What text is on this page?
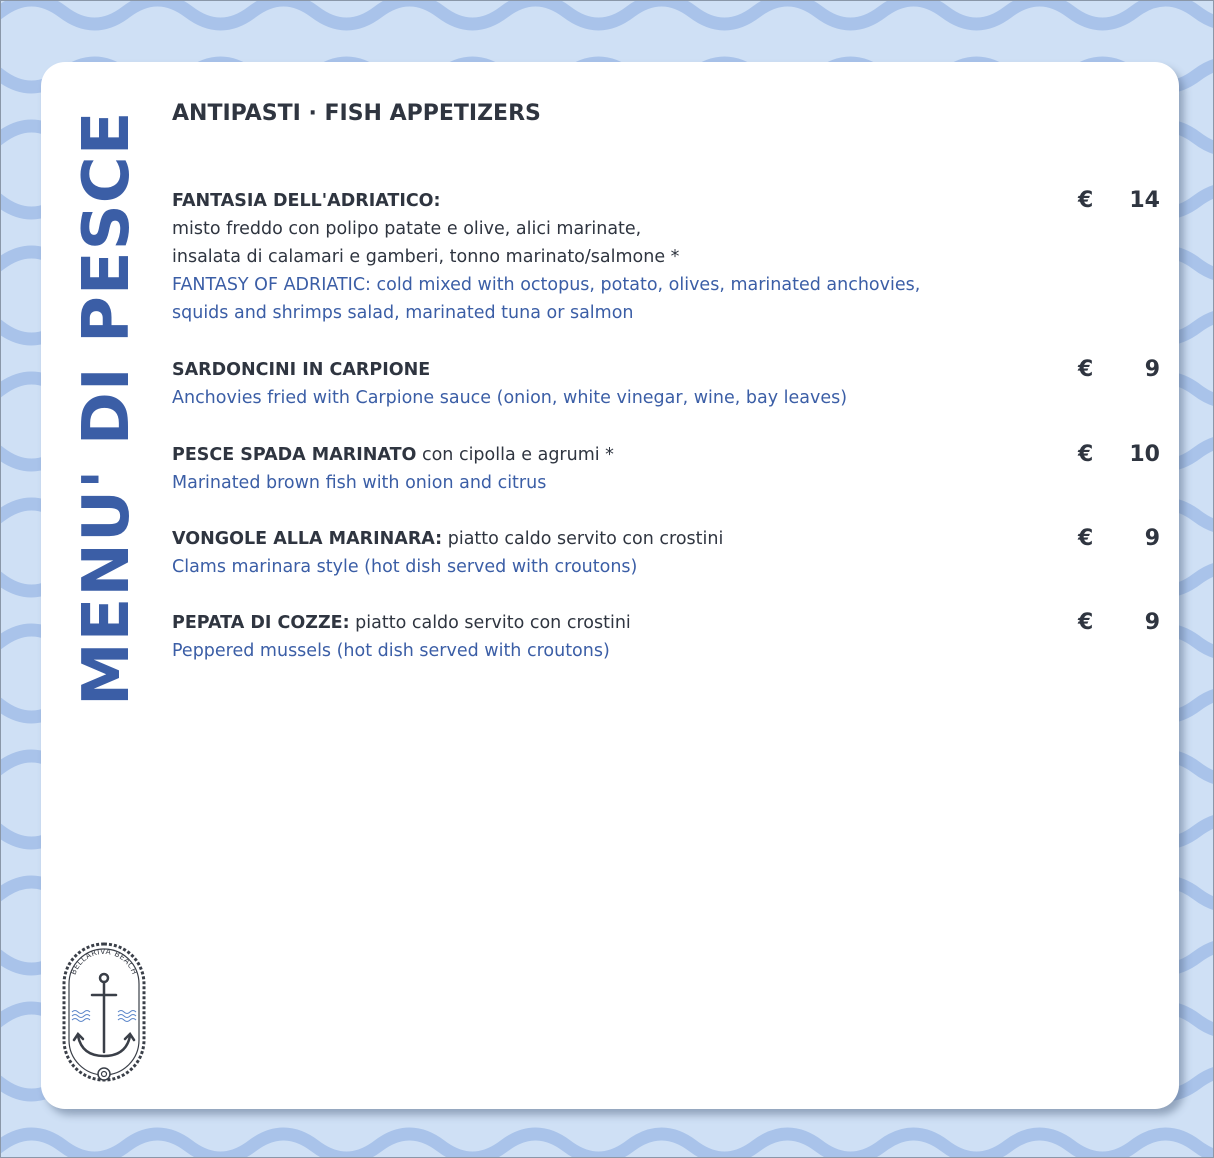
MENU' DI PESCE ANTIPASTI · FISH APPETIZERS
FANTASIA DELL'ADRIATICO:
misto freddo con polipo patate e olive, alici marinate,
insalata di calamari e gamberi, tonno marinato/salmone *
FANTASY OF ADRIATIC: cold mixed with octopus, potato, olives, marinated anchovies,
squids and shrimps salad, marinated tuna or salmon
€ 14
SARDONCINI IN CARPIONE
Anchovies fried with Carpione sauce (onion, white vinegar, wine, bay leaves)
€ 9
PESCE SPADA MARINATO con cipolla e agrumi *
Marinated brown fish with onion and citrus
€ 10
VONGOLE ALLA MARINARA: piatto caldo servito con crostini
Clams marinara style (hot dish served with croutons)
€ 9
PEPATA DI COZZE: piatto caldo servito con crostini
Peppered mussels (hot dish served with croutons)
€ 9
BELLARIVA BEACH
